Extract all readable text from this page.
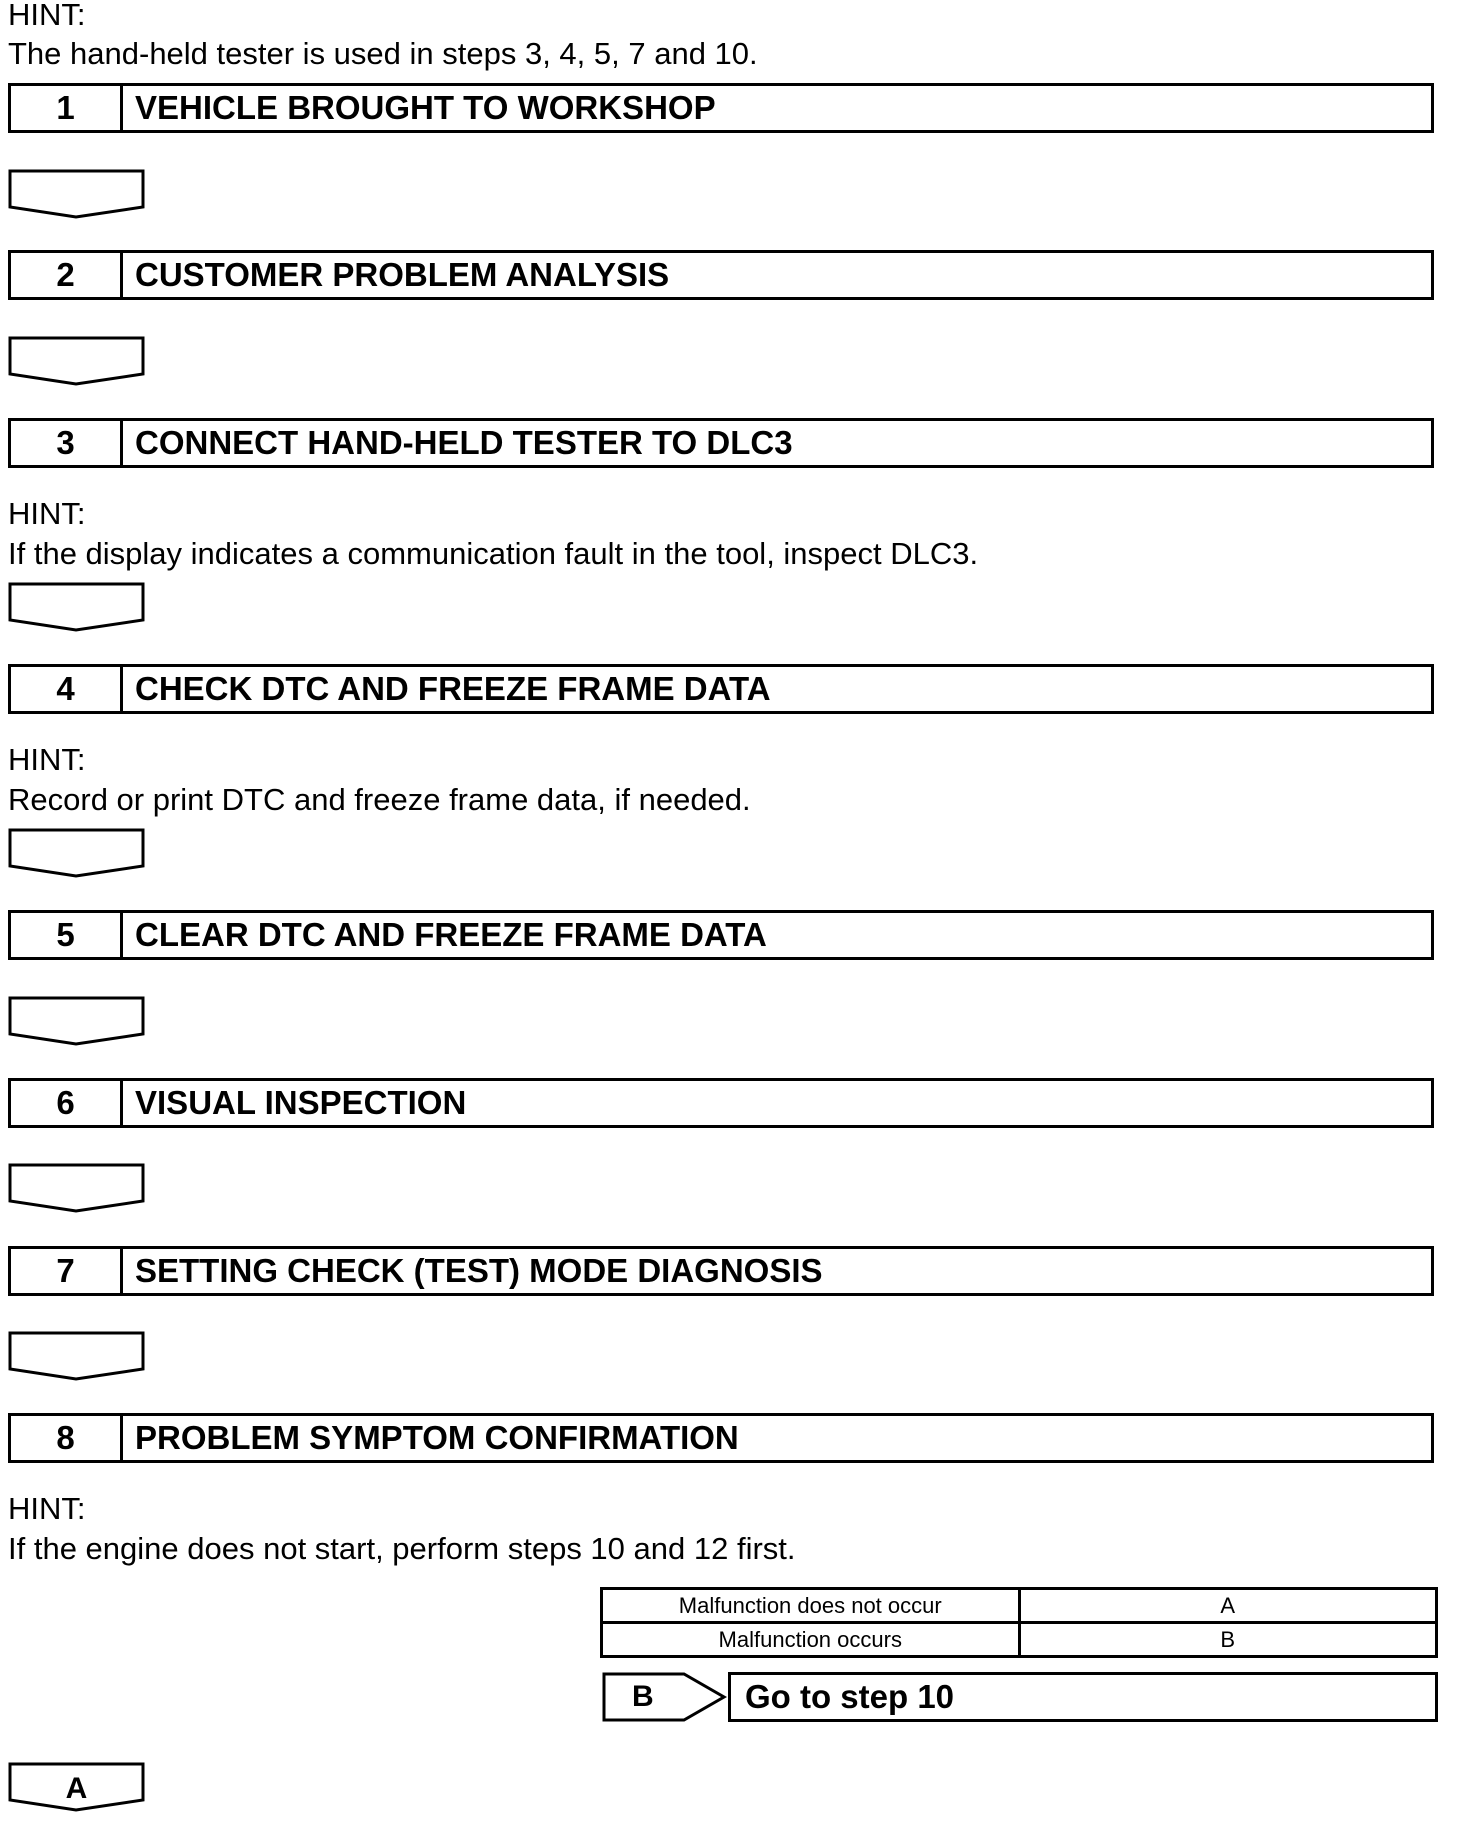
HINT:
The hand-held tester is used in steps 3, 4, 5, 7 and 10.
1	VEHICLE BROUGHT TO WORKSHOP
2	CUSTOMER PROBLEM ANALYSIS
3	CONNECT HAND-HELD TESTER TO DLC3
HINT:
If the display indicates a communication fault in the tool, inspect DLC3.
4	CHECK DTC AND FREEZE FRAME DATA
HINT:
Record or print DTC and freeze frame data, if needed.
5	CLEAR DTC AND FREEZE FRAME DATA
6	VISUAL INSPECTION
7	SETTING CHECK (TEST) MODE DIAGNOSIS
8	PROBLEM SYMPTOM CONFIRMATION
HINT:
If the engine does not start, perform steps 10 and 12 first.
Malfunction does not occur	A
Malfunction occurs	B
B	Go to step 10
A
